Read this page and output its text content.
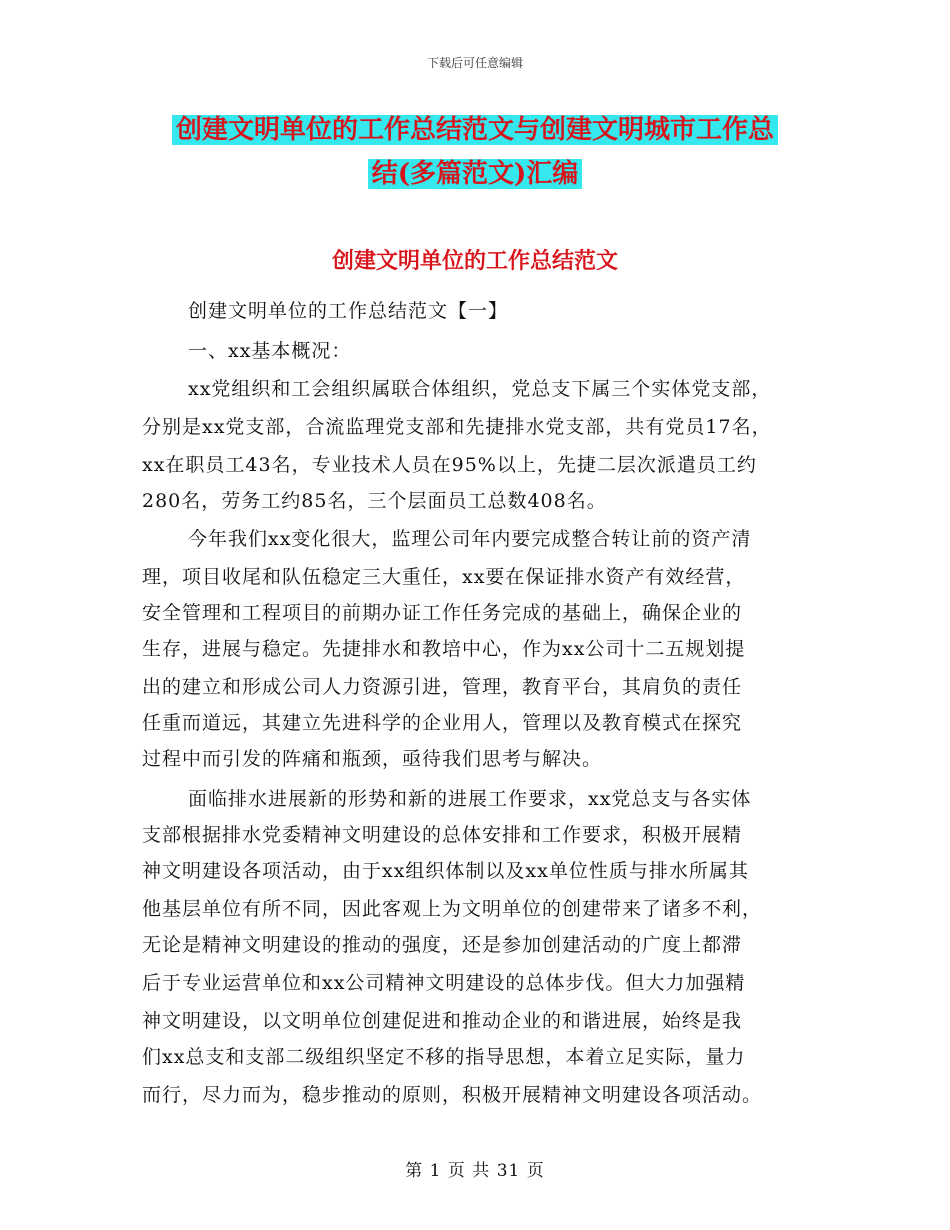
下载后可任意编辑
创建文明单位的工作总结范文与创建文明城市工作总
结(多篇范文)汇编
创建文明单位的工作总结范文
创建文明单位的工作总结范文【一】
一、xx基本概况：
xx党组织和工会组织属联合体组织，党总支下属三个实体党支部，
分别是xx党支部，合流监理党支部和先捷排水党支部，共有党员17名，
xx在职员工43名，专业技术人员在95%以上，先捷二层次派遣员工约
280名，劳务工约85名，三个层面员工总数408名。
今年我们xx变化很大，监理公司年内要完成整合转让前的资产清
理，项目收尾和队伍稳定三大重任，xx要在保证排水资产有效经营，
安全管理和工程项目的前期办证工作任务完成的基础上，确保企业的
生存，进展与稳定。先捷排水和教培中心，作为xx公司十二五规划提
出的建立和形成公司人力资源引进，管理，教育平台，其肩负的责任
任重而道远，其建立先进科学的企业用人，管理以及教育模式在探究
过程中而引发的阵痛和瓶颈，亟待我们思考与解决。
面临排水进展新的形势和新的进展工作要求，xx党总支与各实体
支部根据排水党委精神文明建设的总体安排和工作要求，积极开展精
神文明建设各项活动，由于xx组织体制以及xx单位性质与排水所属其
他基层单位有所不同，因此客观上为文明单位的创建带来了诸多不利，
无论是精神文明建设的推动的强度，还是参加创建活动的广度上都滞
后于专业运营单位和xx公司精神文明建设的总体步伐。但大力加强精
神文明建设，以文明单位创建促进和推动企业的和谐进展，始终是我
们xx总支和支部二级组织坚定不移的指导思想，本着立足实际，量力
而行，尽力而为，稳步推动的原则，积极开展精神文明建设各项活动。
第 1 页 共 31 页
